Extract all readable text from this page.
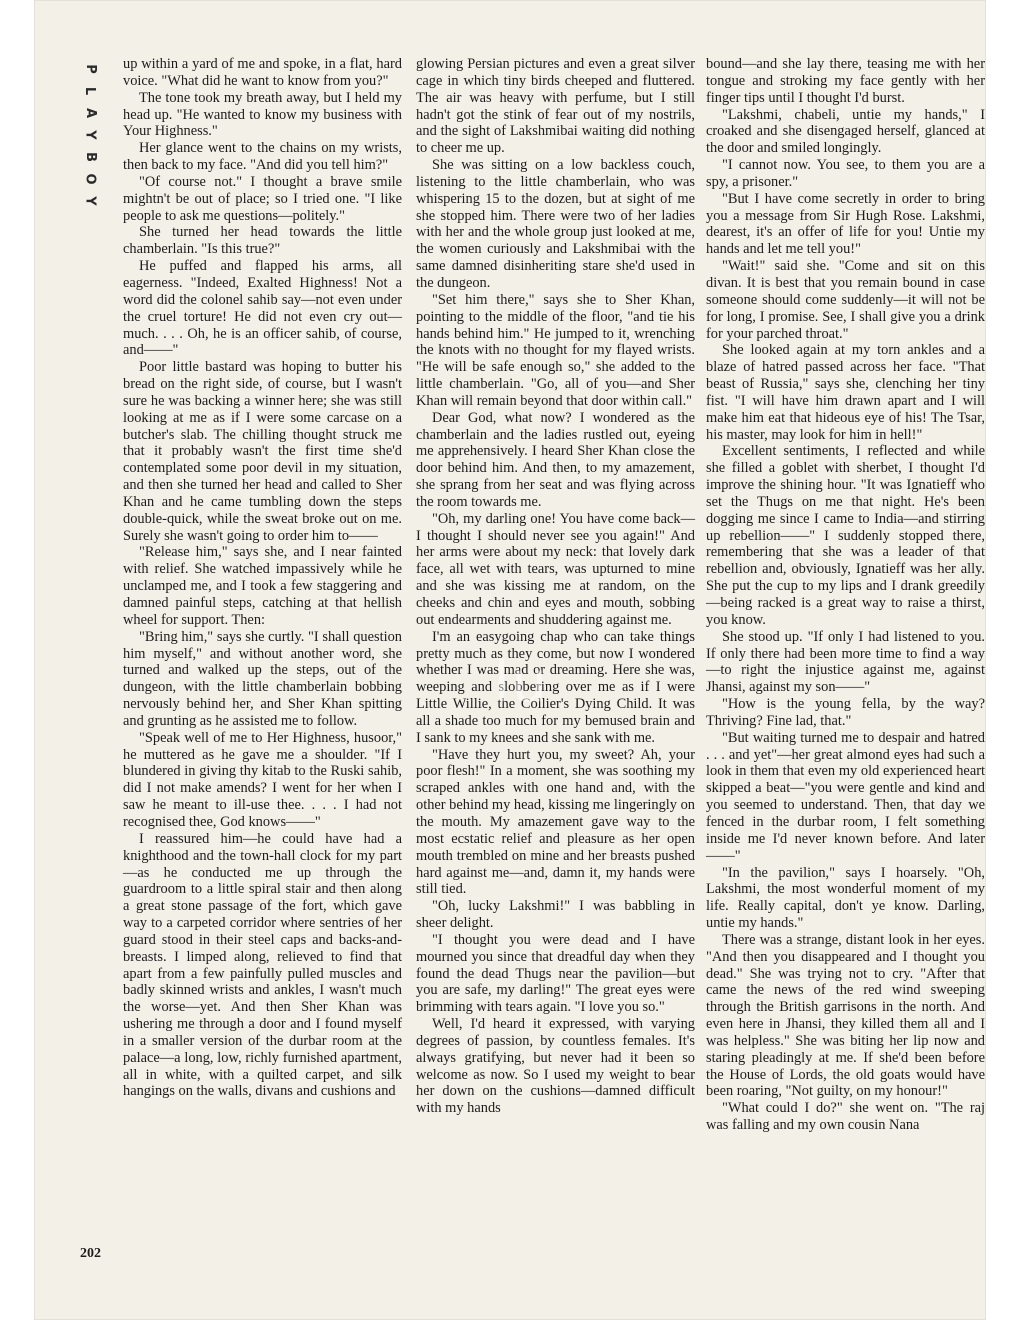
P
L
A
Y
B
O
Y

up within a yard of me and spoke, in a flat, hard voice. "What did he want to know from you?"

The tone took my breath away, but I held my head up. "He wanted to know my business with Your Highness."

Her glance went to the chains on my wrists, then back to my face. "And did you tell him?"

"Of course not." I thought a brave smile mightn't be out of place; so I tried one. "I like people to ask me questions—politely."

She turned her head towards the little chamberlain. "Is this true?"

He puffed and flapped his arms, all eagerness. "Indeed, Exalted Highness! Not a word did the colonel sahib say—not even under the cruel torture! He did not even cry out—much. . . . Oh, he is an officer sahib, of course, and——"

Poor little bastard was hoping to butter his bread on the right side, of course, but I wasn't sure he was backing a winner here; she was still looking at me as if I were some carcase on a butcher's slab. The chilling thought struck me that it probably wasn't the first time she'd contemplated some poor devil in my situation, and then she turned her head and called to Sher Khan and he came tumbling down the steps double-quick, while the sweat broke out on me. Surely she wasn't going to order him to——

"Release him," says she, and I near fainted with relief. She watched impassively while he unclamped me, and I took a few staggering and damned painful steps, catching at that hellish wheel for support. Then:

"Bring him," says she curtly. "I shall question him myself," and without another word, she turned and walked up the steps, out of the dungeon, with the little chamberlain bobbing nervously behind her, and Sher Khan spitting and grunting as he assisted me to follow.

"Speak well of me to Her Highness, husoor," he muttered as he gave me a shoulder. "If I blundered in giving thy kitab to the Ruski sahib, did I not make amends? I went for her when I saw he meant to ill-use thee. . . . I had not recognised thee, God knows——"

I reassured him—he could have had a knighthood and the town-hall clock for my part—as he conducted me up through the guardroom to a little spiral stair and then along a great stone passage of the fort, which gave way to a carpeted corridor where sentries of her guard stood in their steel caps and backs-and-breasts. I limped along, relieved to find that apart from a few painfully pulled muscles and badly skinned wrists and ankles, I wasn't much the worse—yet. And then Sher Khan was ushering me through a door and I found myself in a smaller version of the durbar room at the palace—a long, low, richly furnished apartment, all in white, with a quilted carpet, and silk hangings on the walls, divans and cushions and

glowing Persian pictures and even a great silver cage in which tiny birds cheeped and fluttered. The air was heavy with perfume, but I still hadn't got the stink of fear out of my nostrils, and the sight of Lakshmibai waiting did nothing to cheer me up.

She was sitting on a low backless couch, listening to the little chamberlain, who was whispering 15 to the dozen, but at sight of me she stopped him. There were two of her ladies with her and the whole group just looked at me, the women curiously and Lakshmibai with the same damned disinheriting stare she'd used in the dungeon.

"Set him there," says she to Sher Khan, pointing to the middle of the floor, "and tie his hands behind him." He jumped to it, wrenching the knots with no thought for my flayed wrists. "He will be safe enough so," she added to the little chamberlain. "Go, all of you—and Sher Khan will remain beyond that door within call."

Dear God, what now? I wondered as the chamberlain and the ladies rustled out, eyeing me apprehensively. I heard Sher Khan close the door behind him. And then, to my amazement, she sprang from her seat and was flying across the room towards me.

"Oh, my darling one! You have come back—I thought I should never see you again!" And her arms were about my neck: that lovely dark face, all wet with tears, was upturned to mine and she was kissing me at random, on the cheeks and chin and eyes and mouth, sobbing out endearments and shuddering against me.

I'm an easygoing chap who can take things pretty much as they come, but now I wondered whether I was mad or dreaming. Here she was, weeping and slobbering over me as if I were Little Willie, the Collier's Dying Child. It was all a shade too much for my bemused brain and I sank to my knees and she sank with me.

"Have they hurt you, my sweet? Ah, your poor flesh!" In a moment, she was soothing my scraped ankles with one hand and, with the other behind my head, kissing me lingeringly on the mouth. My amazement gave way to the most ecstatic relief and pleasure as her open mouth trembled on mine and her breasts pushed hard against me—and, damn it, my hands were still tied.

"Oh, lucky Lakshmi!" I was babbling in sheer delight.

"I thought you were dead and I have mourned you since that dreadful day when they found the dead Thugs near the pavilion—but you are safe, my darling!" The great eyes were brimming with tears again. "I love you so."

Well, I'd heard it expressed, with varying degrees of passion, by countless females. It's always gratifying, but never had it been so welcome as now. So I used my weight to bear her down on the cushions—damned difficult with my hands

bound—and she lay there, teasing me with her tongue and stroking my face gently with her finger tips until I thought I'd burst.

"Lakshmi, chabeli, untie my hands," I croaked and she disengaged herself, glanced at the door and smiled longingly.

"I cannot now. You see, to them you are a spy, a prisoner."

"But I have come secretly in order to bring you a message from Sir Hugh Rose. Lakshmi, dearest, it's an offer of life for you! Untie my hands and let me tell you!"

"Wait!" said she. "Come and sit on this divan. It is best that you remain bound in case someone should come suddenly—it will not be for long, I promise. See, I shall give you a drink for your parched throat."

She looked again at my torn ankles and a blaze of hatred passed across her face. "That beast of Russia," says she, clenching her tiny fist. "I will have him drawn apart and I will make him eat that hideous eye of his! The Tsar, his master, may look for him in hell!"

Excellent sentiments, I reflected and while she filled a goblet with sherbet, I thought I'd improve the shining hour. "It was Ignatieff who set the Thugs on me that night. He's been dogging me since I came to India—and stirring up rebellion——" I suddenly stopped there, remembering that she was a leader of that rebellion and, obviously, Ignatieff was her ally. She put the cup to my lips and I drank greedily—being racked is a great way to raise a thirst, you know.

She stood up. "If only I had listened to you. If only there had been more time to find a way—to right the injustice against me, against Jhansi, against my son——"

"How is the young fella, by the way? Thriving? Fine lad, that."

"But waiting turned me to despair and hatred . . . and yet"—her great almond eyes had such a look in them that even my old experienced heart skipped a beat—"you were gentle and kind and you seemed to understand. Then, that day we fenced in the durbar room, I felt something inside me I'd never known before. And later——"

"In the pavilion," says I hoarsely. "Oh, Lakshmi, the most wonderful moment of my life. Really capital, don't ye know. Darling, untie my hands."

There was a strange, distant look in her eyes. "And then you disappeared and I thought you dead." She was trying not to cry. "After that came the news of the red wind sweeping through the British garrisons in the north. And even here in Jhansi, they killed them all and I was helpless." She was biting her lip now and staring pleadingly at me. If she'd been before the House of Lords, the old goats would have been roaring, "Not guilty, on my honour!"

"What could I do?" she went on. "The raj was falling and my own cousin Nana

lu
202
